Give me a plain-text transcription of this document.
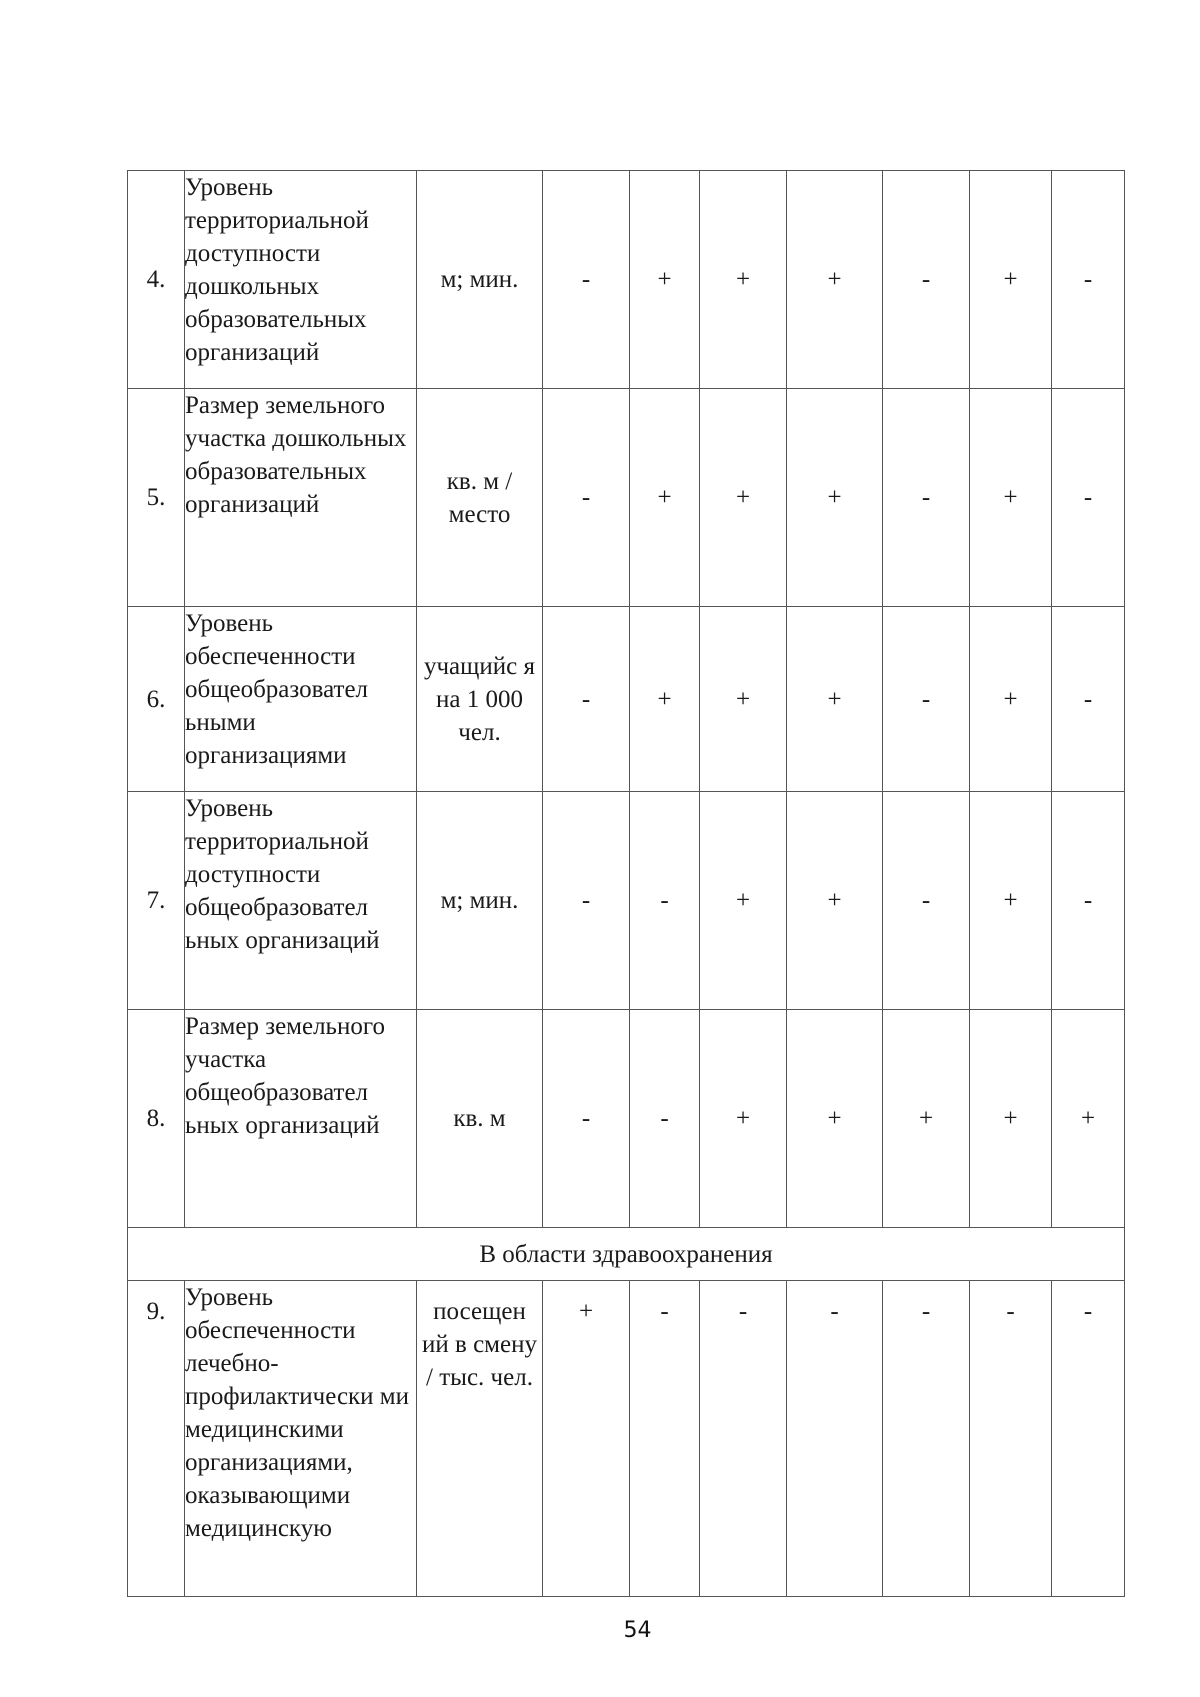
4.	Уровень территориальной доступности дошкольных образовательных организаций	м; мин.	-	+	+	+	-	+	-
5.	Размер земельного участка дошкольных образовательных организаций	кв. м / место	-	+	+	+	-	+	-
6.	Уровень обеспеченности общеобразовател ьными организациями	учащийс я на 1 000 чел.	-	+	+	+	-	+	-
7.	Уровень территориальной доступности общеобразовател ьных организаций	м; мин.	-	-	+	+	-	+	-
8.	Размер земельного участка общеобразовател ьных организаций	кв. м	-	-	+	+	+	+	+
В области здравоохранения									
9.	Уровень обеспеченности лечебно-профилактически ми медицинскими организациями, оказывающими медицинскую	посещен ий в смену / тыс. чел.	+	-	-	-	-	-	-
54
